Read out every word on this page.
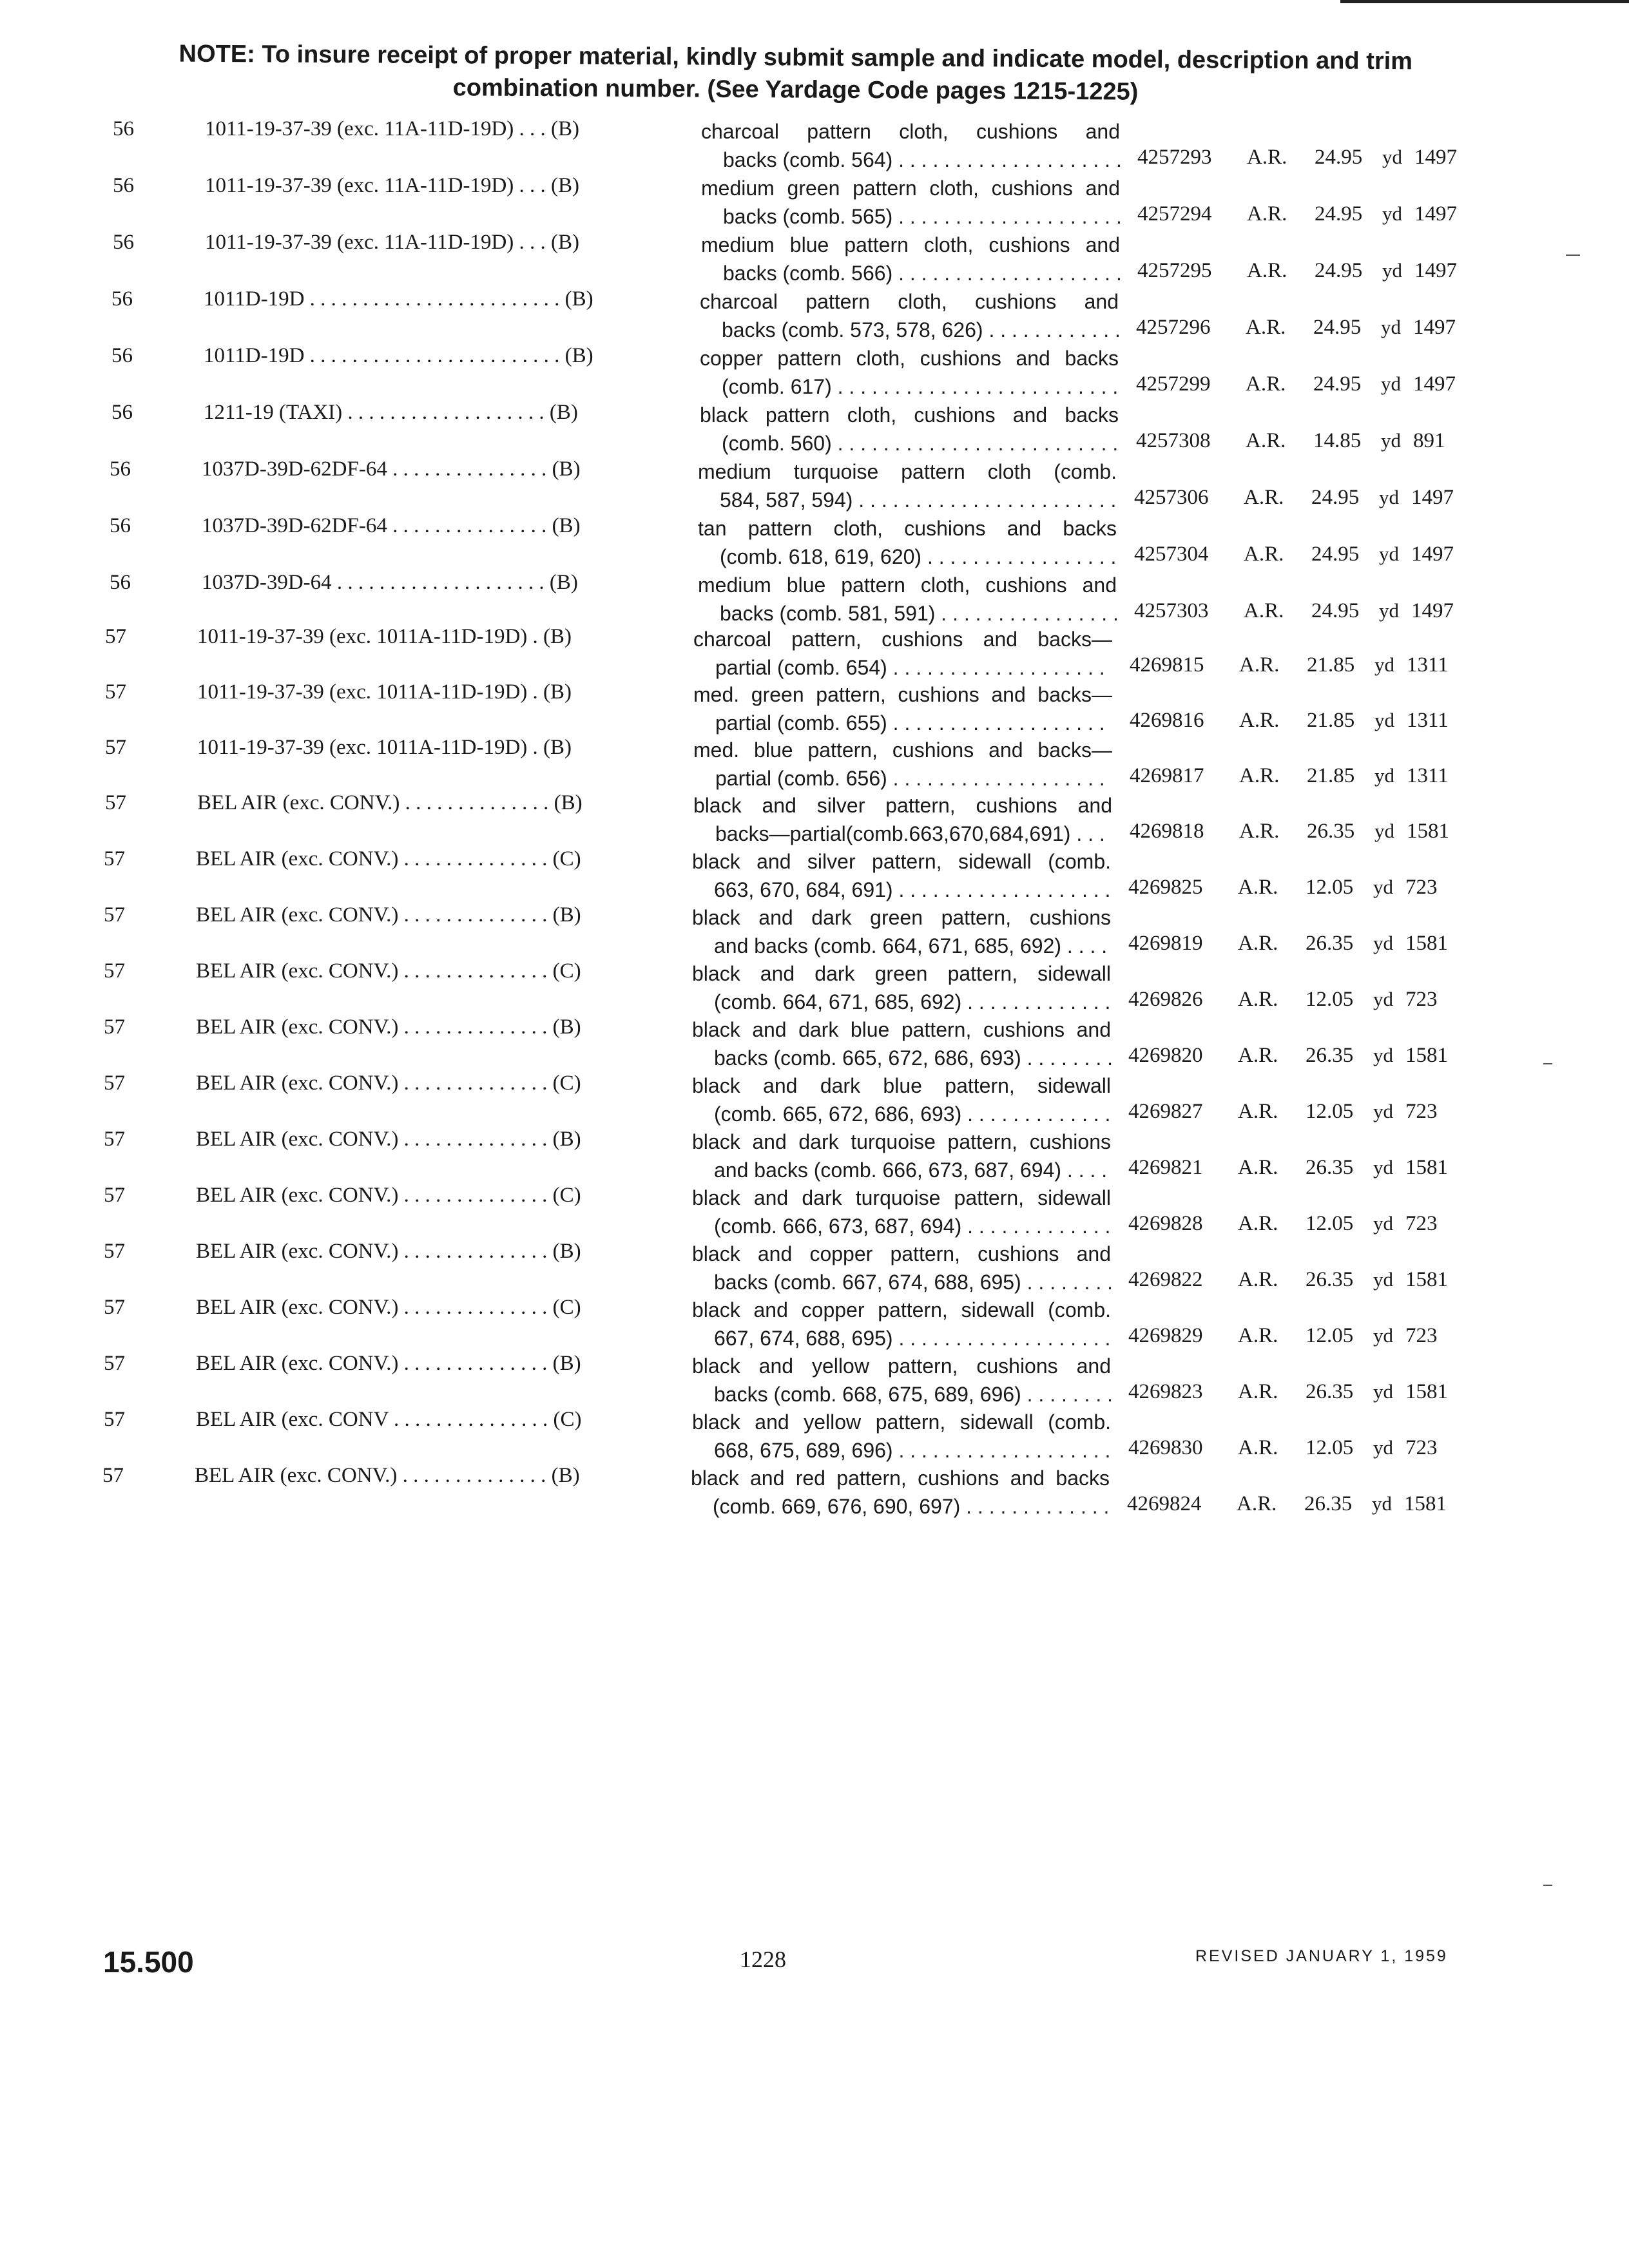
NOTE: To insure receipt of proper material, kindly submit sample and indicate model, description and trim combination number. (See Yardage Code pages 1215-1225)
56	1011-19-37-39 (exc. 11A-11D-19D) . . . (B)	charcoal pattern cloth, cushions and
backs (comb. 564) . . .	4257293 A.R. 24.95 yd 1497
56	1011-19-37-39 (exc. 11A-11D-19D) . . . (B)	medium green pattern cloth, cushions and
backs (comb. 565) . . .	4257294 A.R. 24.95 yd 1497
56	1011-19-37-39 (exc. 11A-11D-19D) . . . (B)	medium blue pattern cloth, cushions and
backs (comb. 566) . . .	4257295 A.R. 24.95 yd 1497
56	1011D-19D . . . . . . . . . . . . . . . . . . . . . . . . (B)	charcoal pattern cloth, cushions and
backs (comb. 573, 578, 626) . . .	4257296 A.R. 24.95 yd 1497
56	1011D-19D . . . . . . . . . . . . . . . . . . . . . . . . (B)	copper pattern cloth, cushions and backs
(comb. 617) . . .	4257299 A.R. 24.95 yd 1497
56	1211-19 (TAXI) . . . . . . . . . . . . . . . . . . . (B)	black pattern cloth, cushions and backs
(comb. 560) . . .	4257308 A.R. 14.85 yd 891
56	1037D-39D-62DF-64 . . . . . . . . . . . . . . . (B)	medium turquoise pattern cloth (comb.
584, 587, 594) . . .	4257306 A.R. 24.95 yd 1497
56	1037D-39D-62DF-64 . . . . . . . . . . . . . . . (B)	tan pattern cloth, cushions and backs
(comb. 618, 619, 620) . . .	4257304 A.R. 24.95 yd 1497
56	1037D-39D-64 . . . . . . . . . . . . . . . . . . . . (B)	medium blue pattern cloth, cushions and
backs (comb. 581, 591) . . .	4257303 A.R. 24.95 yd 1497
57	1011-19-37-39 (exc. 1011A-11D-19D) . (B)	charcoal pattern, cushions and backs—
partial (comb. 654) . . .	4269815 A.R. 21.85 yd 1311
57	1011-19-37-39 (exc. 1011A-11D-19D) . (B)	med. green pattern, cushions and backs—
partial (comb. 655) . . .	4269816 A.R. 21.85 yd 1311
57	1011-19-37-39 (exc. 1011A-11D-19D) . (B)	med. blue pattern, cushions and backs—
partial (comb. 656) . . .	4269817 A.R. 21.85 yd 1311
57	BEL AIR (exc. CONV.) . . . . . . . . . . . . . . (B)	black and silver pattern, cushions and
backs—partial(comb.663,670,684,691) . . .	4269818 A.R. 26.35 yd 1581
57	BEL AIR (exc. CONV.) . . . . . . . . . . . . . . (C)	black and silver pattern, sidewall (comb.
663, 670, 684, 691) . . .	4269825 A.R. 12.05 yd 723
57	BEL AIR (exc. CONV.) . . . . . . . . . . . . . . (B)	black and dark green pattern, cushions
and backs (comb. 664, 671, 685, 692) . . .	4269819 A.R. 26.35 yd 1581
57	BEL AIR (exc. CONV.) . . . . . . . . . . . . . . (C)	black and dark green pattern, sidewall
(comb. 664, 671, 685, 692) . . .	4269826 A.R. 12.05 yd 723
57	BEL AIR (exc. CONV.) . . . . . . . . . . . . . . (B)	black and dark blue pattern, cushions and
backs (comb. 665, 672, 686, 693) . . .	4269820 A.R. 26.35 yd 1581
57	BEL AIR (exc. CONV.) . . . . . . . . . . . . . . (C)	black and dark blue pattern, sidewall
(comb. 665, 672, 686, 693) . . .	4269827 A.R. 12.05 yd 723
57	BEL AIR (exc. CONV.) . . . . . . . . . . . . . . (B)	black and dark turquoise pattern, cushions
and backs (comb. 666, 673, 687, 694) . . .	4269821 A.R. 26.35 yd 1581
57	BEL AIR (exc. CONV.) . . . . . . . . . . . . . . (C)	black and dark turquoise pattern, sidewall
(comb. 666, 673, 687, 694) . . .	4269828 A.R. 12.05 yd 723
57	BEL AIR (exc. CONV.) . . . . . . . . . . . . . . (B)	black and copper pattern, cushions and
backs (comb. 667, 674, 688, 695) . . .	4269822 A.R. 26.35 yd 1581
57	BEL AIR (exc. CONV.) . . . . . . . . . . . . . . (C)	black and copper pattern, sidewall (comb.
667, 674, 688, 695) . . .	4269829 A.R. 12.05 yd 723
57	BEL AIR (exc. CONV.) . . . . . . . . . . . . . . (B)	black and yellow pattern, cushions and
backs (comb. 668, 675, 689, 696) . . .	4269823 A.R. 26.35 yd 1581
57	BEL AIR (exc. CONV . . . . . . . . . . . . . . . (C)	black and yellow pattern, sidewall (comb.
668, 675, 689, 696) . . .	4269830 A.R. 12.05 yd 723
57	BEL AIR (exc. CONV.) . . . . . . . . . . . . . . (B)	black and red pattern, cushions and backs
(comb. 669, 676, 690, 697) . . .	4269824 A.R. 26.35 yd 1581
15.500	1228	REVISED JANUARY 1, 1959
